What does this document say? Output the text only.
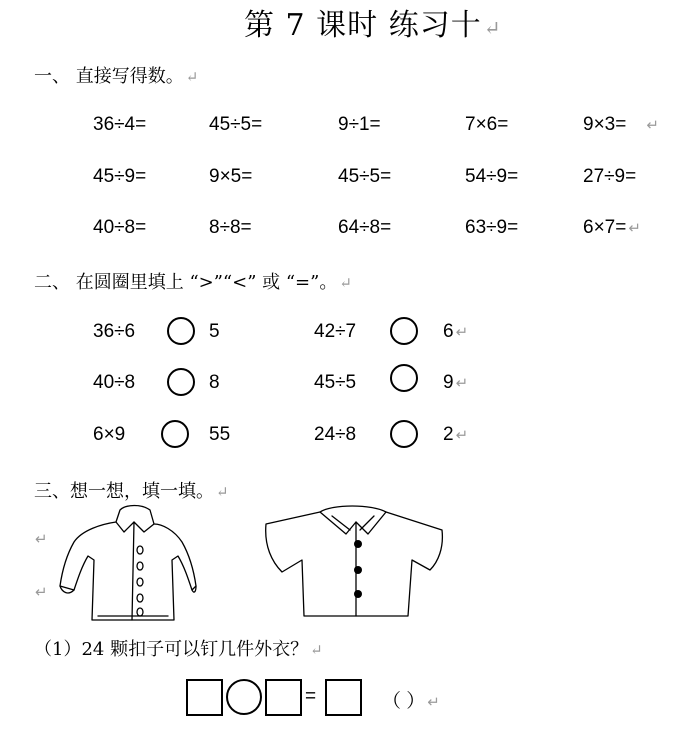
第 7 课时 练习十 ↵
一、 直接写得数。 ↵
36÷4=	45÷5=	9÷1=	7×6=	9×3= ↵
45÷9=	9×5=	45÷5=	54÷9=	27÷9=
40÷8=	8÷8=	64÷8=	63÷9=	6×7= ↵
二、 在圆圈里填上 “>”“<” 或 “=”。 ↵
36÷6	5	42÷7	6 ↵
40÷8	8	45÷5	9 ↵
6×9	55	24÷8	2 ↵
三、想一想，填一填。 ↵
↵
↵
（1）24 颗扣子可以钉几件外衣？ ↵
=	（ ） ↵
